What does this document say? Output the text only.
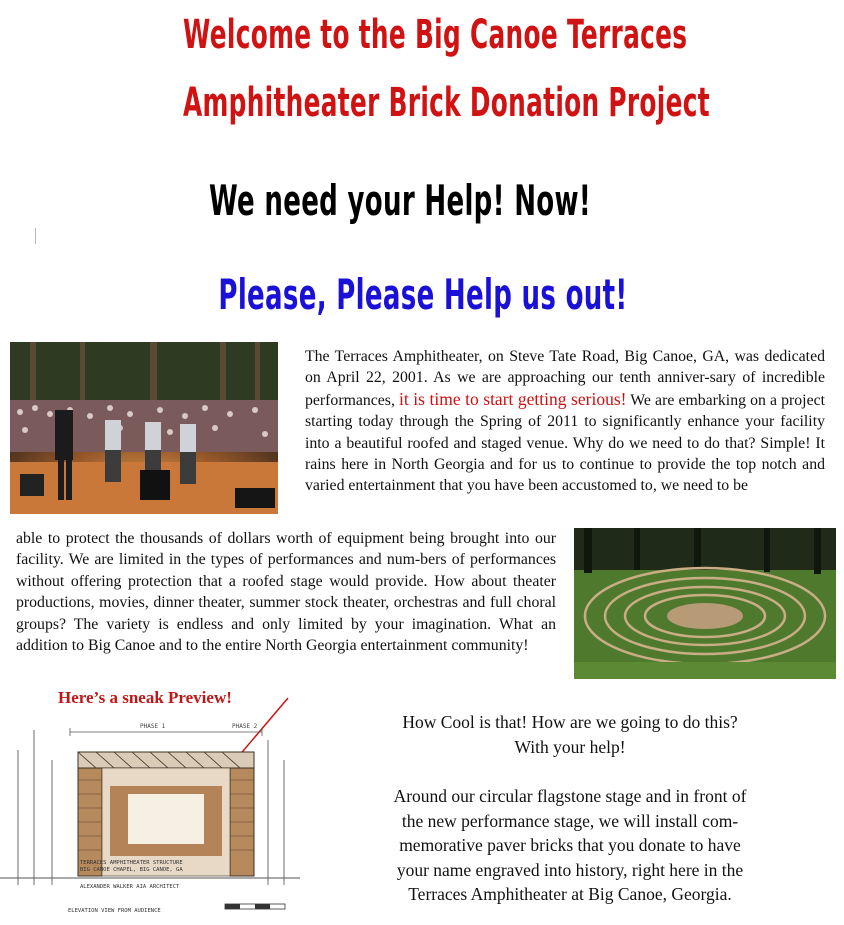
Welcome to the Big Canoe Terraces
Amphitheater Brick Donation Project
We need your Help! Now!
Please, Please Help us out!
The Terraces Amphitheater, on Steve Tate Road, Big Canoe, GA, was dedicated on April 22, 2001. As we are approaching our tenth anniver-sary of incredible performances, it is time to start getting serious! We are embarking on a project starting today through the Spring of 2011 to significantly enhance your facility into a beautiful roofed and staged venue. Why do we need to do that? Simple! It rains here in North Georgia and for us to continue to provide the top notch and varied entertainment that you have been accustomed to, we need to be
able to protect the thousands of dollars worth of equipment being brought into our facility. We are limited in the types of performances and num-bers of performances without offering protection that a roofed stage would provide. How about theater productions, movies, dinner theater, summer stock theater, orchestras and full choral groups? The variety is endless and only limited by your imagination. What an addition to Big Canoe and to the entire North Georgia entertainment community!
Here’s a sneak Preview!
PHASE 1	PHASE 2
TERRACES AMPHITHEATER STRUCTURE
BIG CANOE CHAPEL, BIG CANOE, GA
ALEXANDER WALKER AIA ARCHITECT
ELEVATION VIEW FROM AUDIENCE
How Cool is that! How are we going to do this?
With your help!
Around our circular flagstone stage and in front of
the new performance stage, we will install com-
memorative paver bricks that you donate to have
your name engraved into history, right here in the
Terraces Amphitheater at Big Canoe, Georgia.
